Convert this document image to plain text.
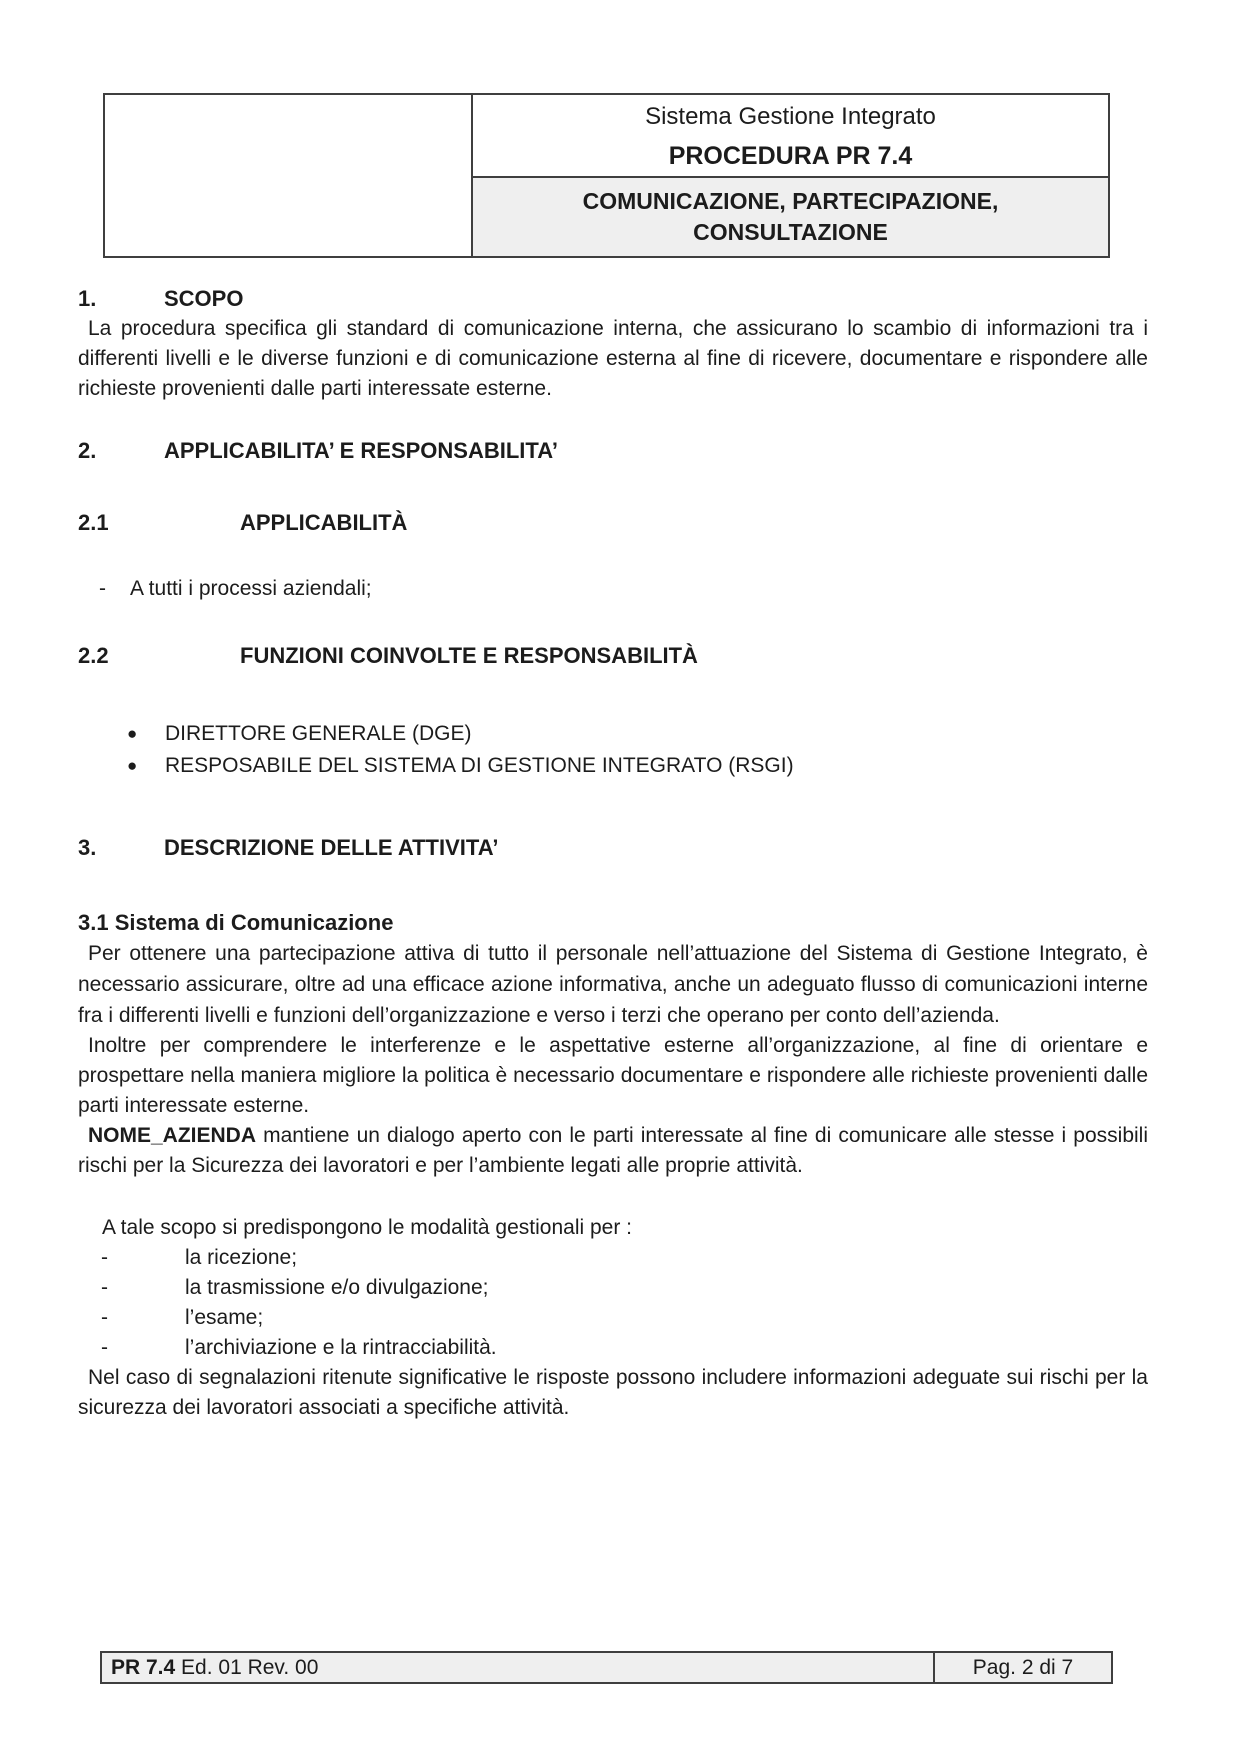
Sistema Gestione Integrato
PROCEDURA PR 7.4
COMUNICAZIONE, PARTECIPAZIONE, CONSULTAZIONE
1.	SCOPO

La procedura specifica gli standard di comunicazione interna, che assicurano lo scambio di informazioni tra i differenti livelli e le diverse funzioni e di comunicazione esterna al fine di ricevere, documentare e rispondere alle richieste provenienti dalle parti interessate esterne.

2.	APPLICABILITA’ E RESPONSABILITA’
2.1	APPLICABILITÀ
-	A tutti i processi aziendali;
2.2	FUNZIONI COINVOLTE E RESPONSABILITÀ
●	DIRETTORE GENERALE (DGE)
●	RESPOSABILE DEL SISTEMA DI GESTIONE INTEGRATO (RSGI)
3.	DESCRIZIONE DELLE ATTIVITA’
3.1 Sistema di Comunicazione

Per ottenere una partecipazione attiva di tutto il personale nell’attuazione del Sistema di Gestione Integrato, è necessario assicurare, oltre ad una efficace azione informativa, anche un adeguato flusso di comunicazioni interne fra i differenti livelli e funzioni dell’organizzazione e verso i terzi che operano per conto dell’azienda.

Inoltre per comprendere le interferenze e le aspettative esterne all’organizzazione, al fine di orientare e prospettare nella maniera migliore la politica è necessario documentare e rispondere alle richieste provenienti dalle parti interessate esterne.

NOME_AZIENDA mantiene un dialogo aperto con le parti interessate al fine di comunicare alle stesse i possibili rischi per la Sicurezza dei lavoratori e per l’ambiente legati alle proprie attività.

A tale scopo si predispongono le modalità gestionali per :
-	la ricezione;
-	la trasmissione e/o divulgazione;
-	l’esame;
-	l’archiviazione e la rintracciabilità.

Nel caso di segnalazioni ritenute significative le risposte possono includere informazioni adeguate sui rischi per la sicurezza dei lavoratori associati a specifiche attività.

PR 7.4 Ed. 01 Rev. 00	Pag. 2 di 7
